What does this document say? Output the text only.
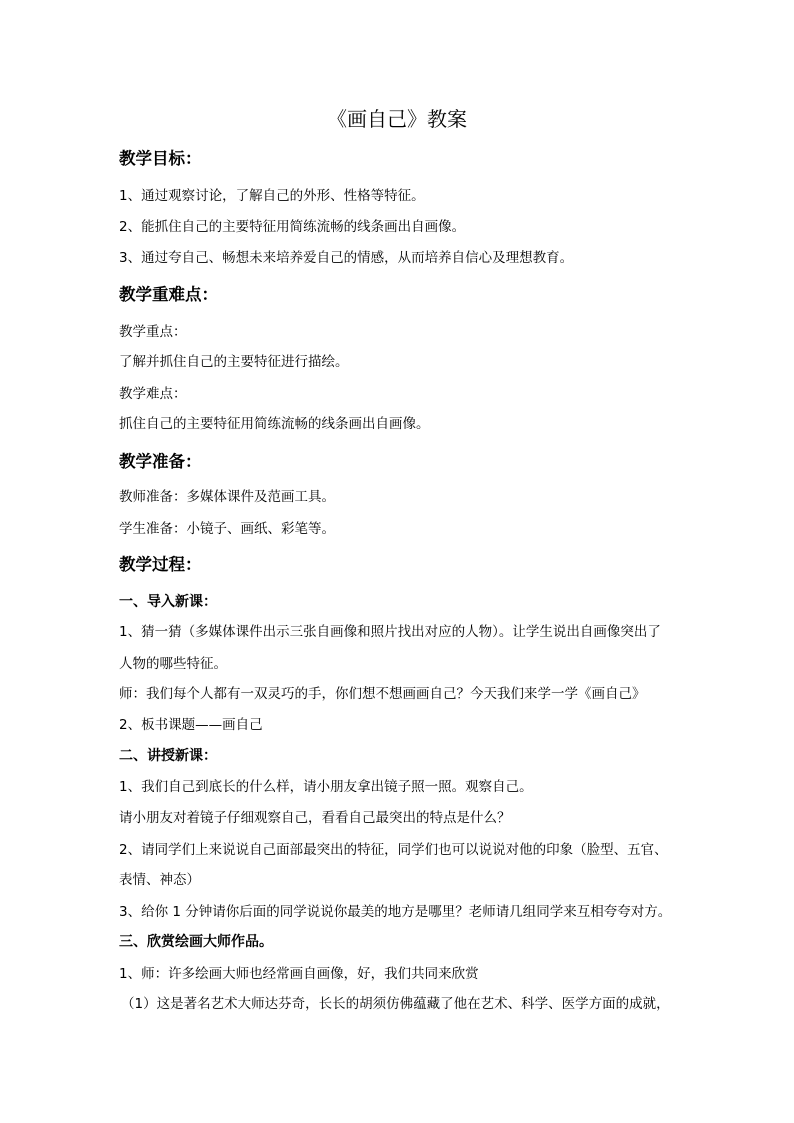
《画自己》教案
教学目标：
1、通过观察讨论，了解自己的外形、性格等特征。
2、能抓住自己的主要特征用简练流畅的线条画出自画像。
3、通过夸自己、畅想未来培养爱自己的情感，从而培养自信心及理想教育。
教学重难点：
教学重点：
了解并抓住自己的主要特征进行描绘。
教学难点：
抓住自己的主要特征用简练流畅的线条画出自画像。
教学准备：
教师准备：多媒体课件及范画工具。
学生准备：小镜子、画纸、彩笔等。
教学过程：
一、导入新课：
1、猜一猜（多媒体课件出示三张自画像和照片找出对应的人物）。让学生说出自画像突出了
人物的哪些特征。
师：我们每个人都有一双灵巧的手，你们想不想画画自己？今天我们来学一学《画自己》
2、板书课题——画自己
二、讲授新课：
1、我们自己到底长的什么样，请小朋友拿出镜子照一照。观察自己。
请小朋友对着镜子仔细观察自己，看看自己最突出的特点是什么？
2、请同学们上来说说自己面部最突出的特征，同学们也可以说说对他的印象（脸型、五官、
表情、神态）
3、给你 1 分钟请你后面的同学说说你最美的地方是哪里？老师请几组同学来互相夸夸对方。
三、欣赏绘画大师作品。
1、师：许多绘画大师也经常画自画像，好，我们共同来欣赏
（1）这是著名艺术大师达芬奇，长长的胡须仿佛蕴藏了他在艺术、科学、医学方面的成就，
